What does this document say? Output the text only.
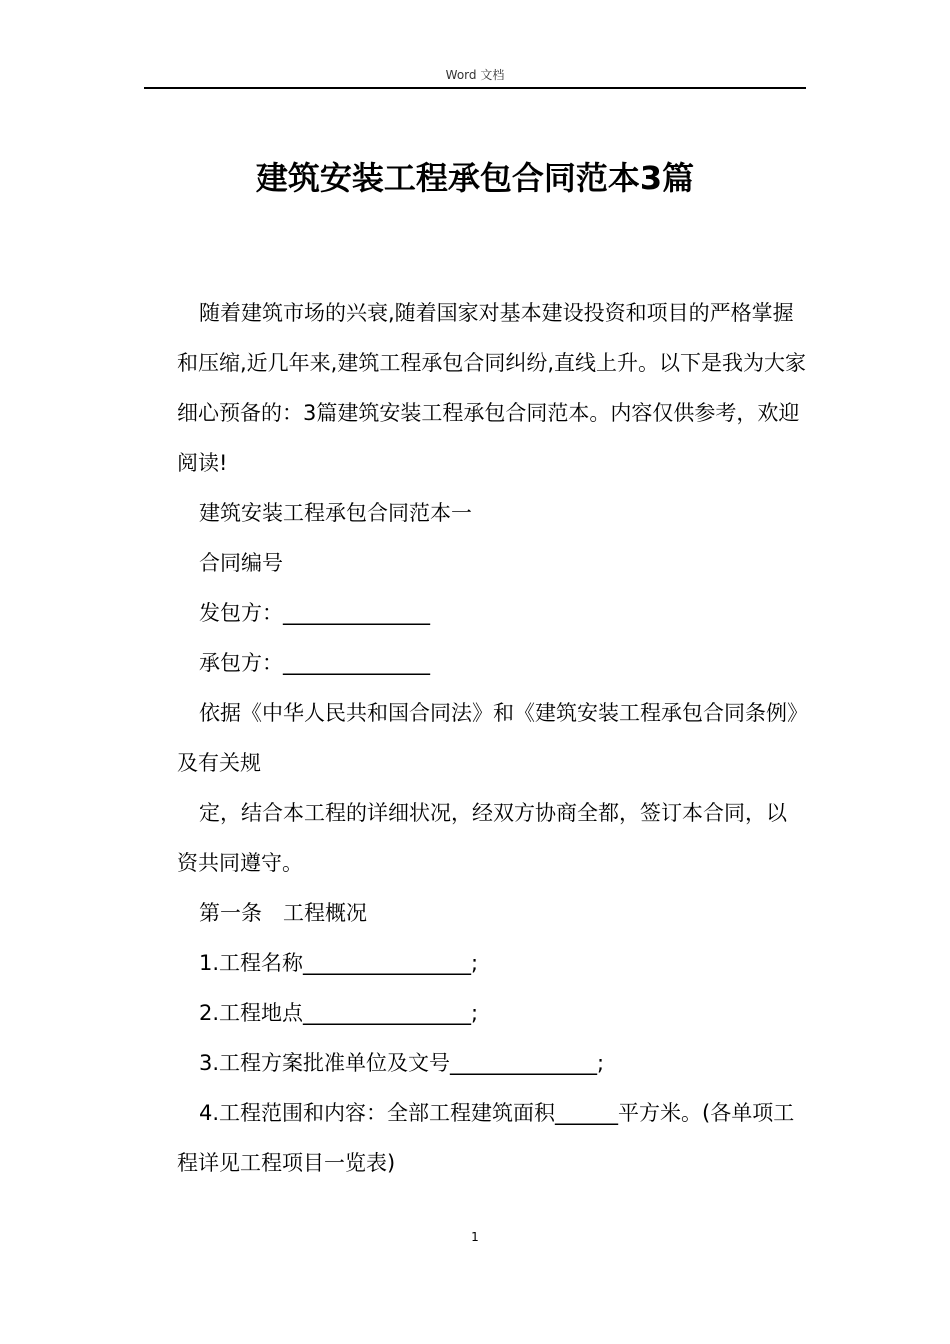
Word 文档
建筑安装工程承包合同范本3篇

随着建筑市场的兴衰,随着国家对基本建设投资和项目的严格掌握和压缩,近几年来,建筑工程承包合同纠纷,直线上升。以下是我为大家细心预备的：3篇建筑安装工程承包合同范本。内容仅供参考，欢迎阅读!

建筑安装工程承包合同范本一

合同编号

发包方：______________

承包方：______________

依据《中华人民共和国合同法》和《建筑安装工程承包合同条例》及有关规

定，结合本工程的详细状况，经双方协商全都，签订本合同，以资共同遵守。

第一条　工程概况

1.工程名称________________;

2.工程地点________________;

3.工程方案批准单位及文号______________;

4.工程范围和内容：全部工程建筑面积______平方米。(各单项工程详见工程项目一览表)

1
